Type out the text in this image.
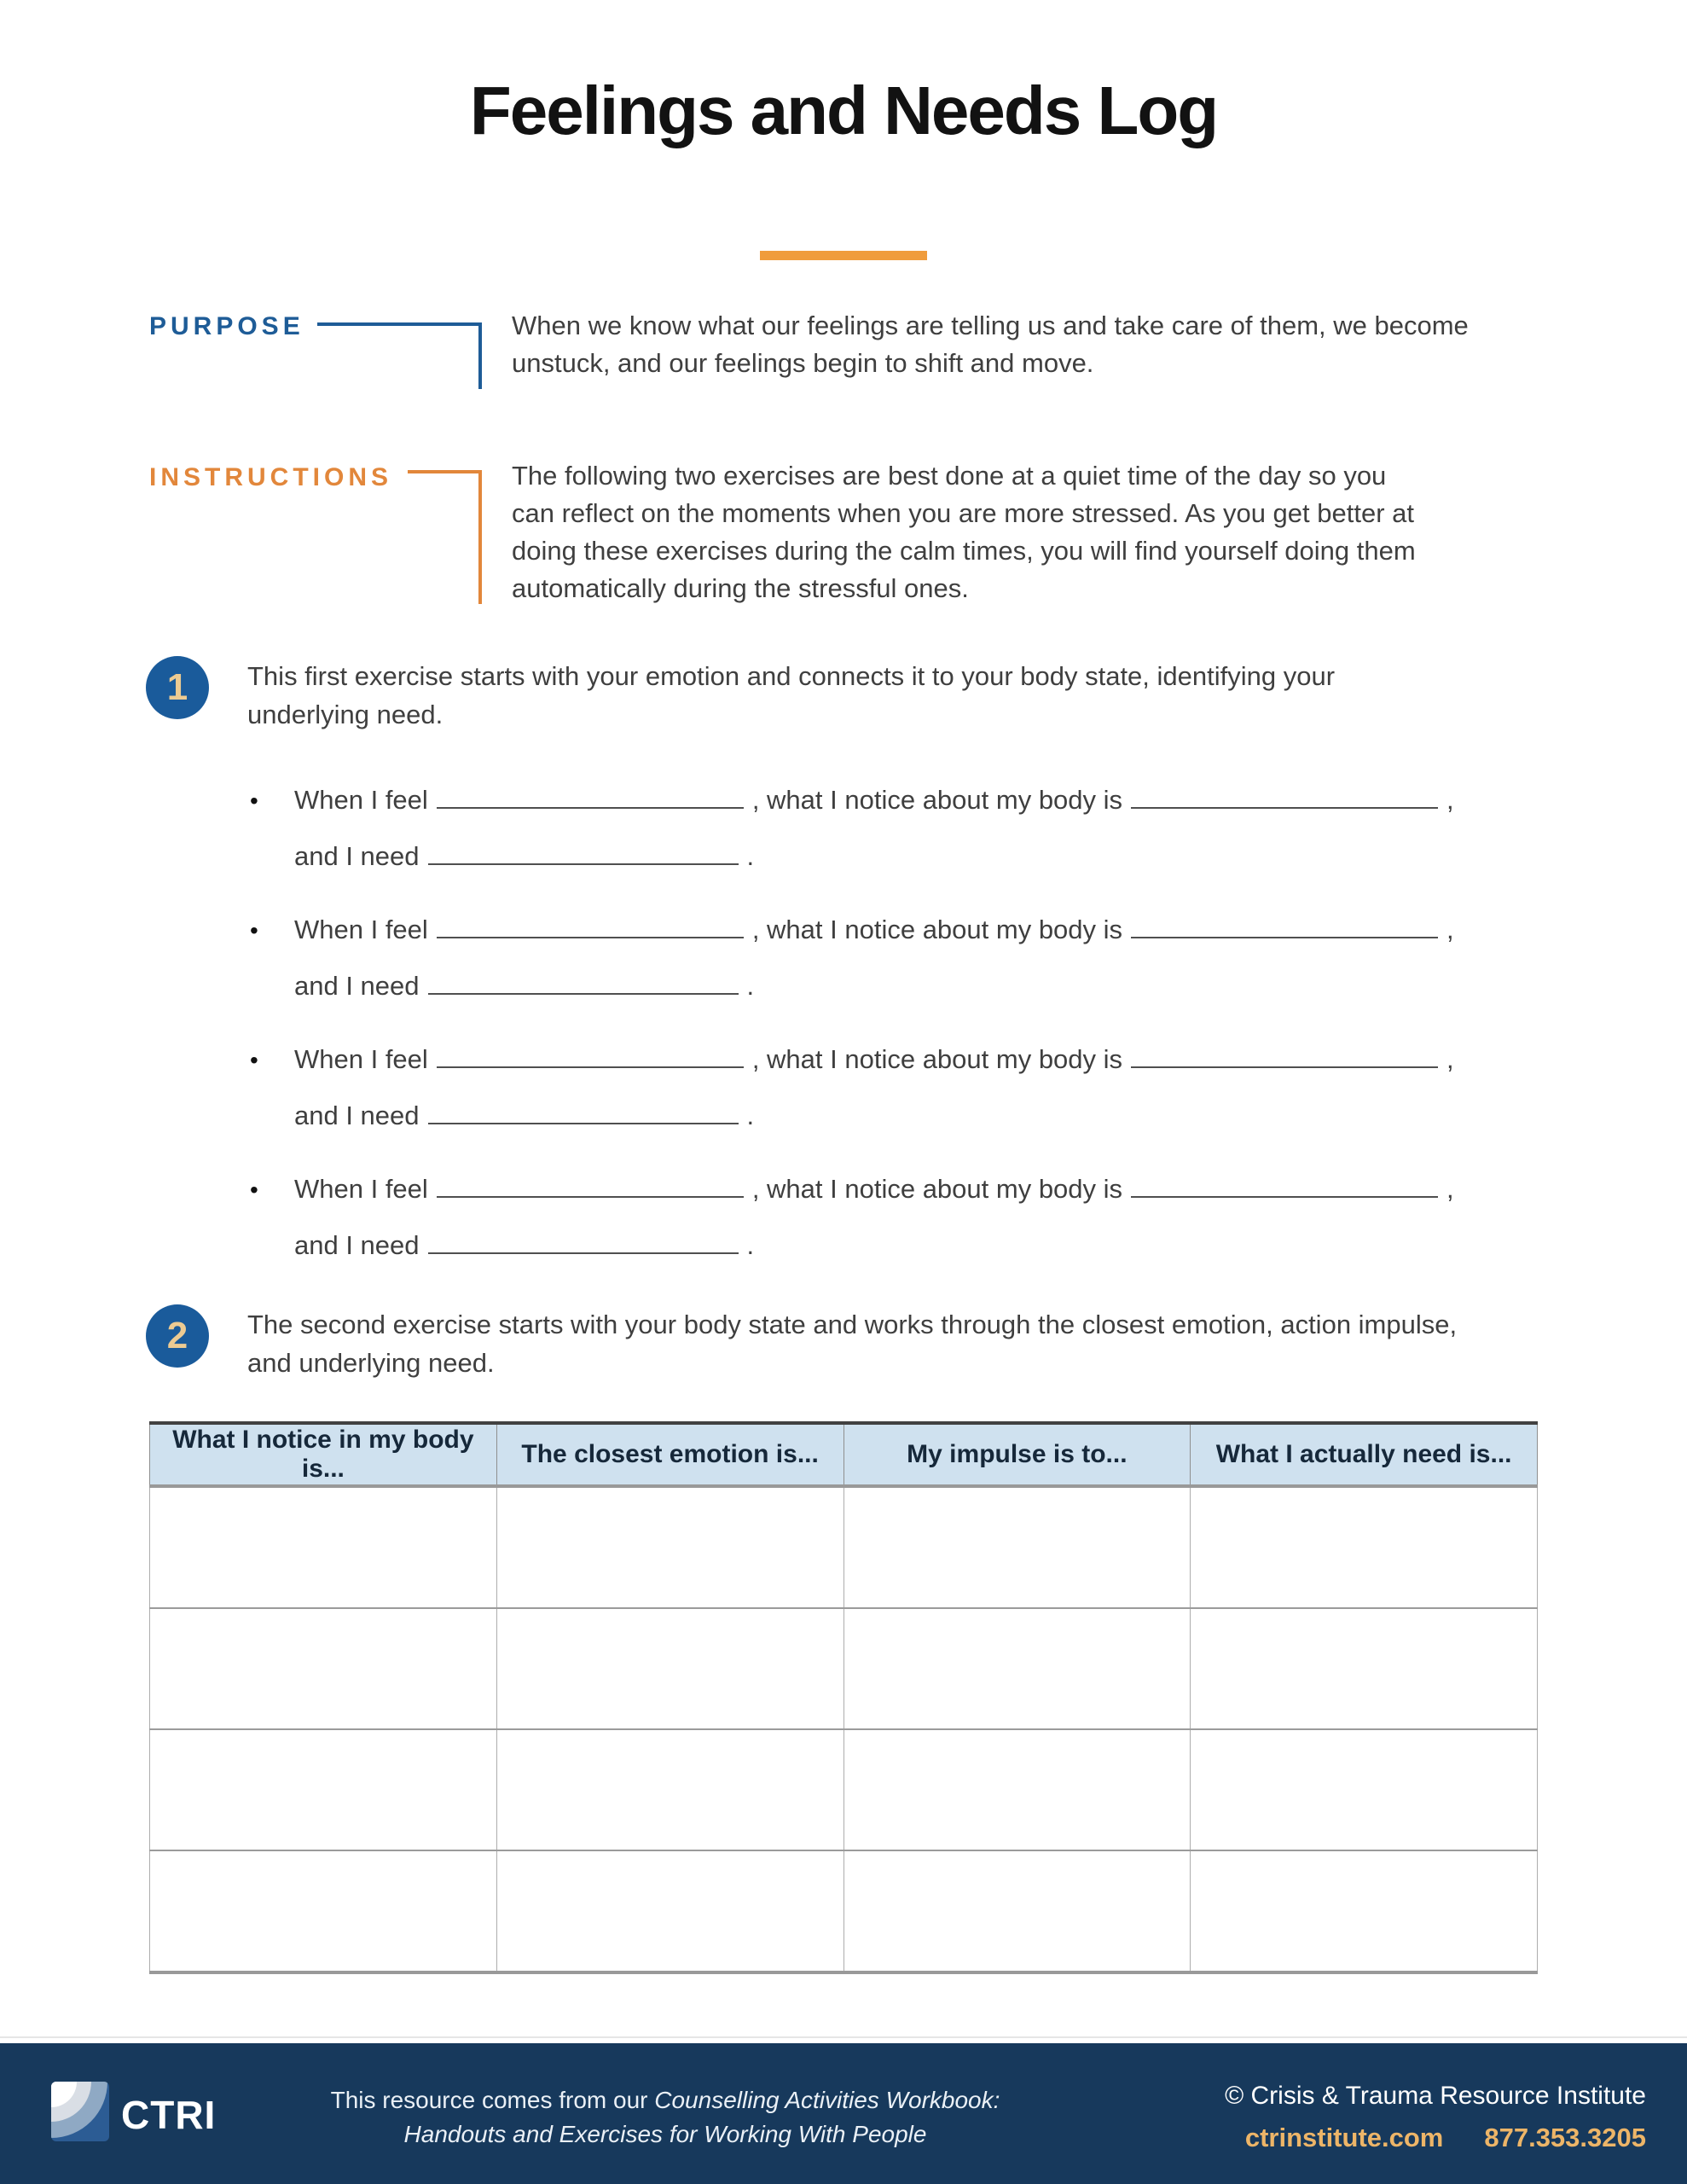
Feelings and Needs Log
PURPOSE	When we know what our feelings are telling us and take care of them, we become
unstuck, and our feelings begin to shift and move.
INSTRUCTIONS	The following two exercises are best done at a quiet time of the day so you
can reflect on the moments when you are more stressed. As you get better at
doing these exercises during the calm times, you will find yourself doing them
automatically during the stressful ones.
1	This first exercise starts with your emotion and connects it to your body state, identifying your
underlying need.
•	When I feel	, what I notice about my body is	,
and I need	.
•	When I feel	, what I notice about my body is	,
and I need	.
•	When I feel	, what I notice about my body is	,
and I need	.
•	When I feel	, what I notice about my body is	,
and I need	.
2	The second exercise starts with your body state and works through the closest emotion, action impulse,
and underlying need.
What I notice in my body is...	The closest emotion is...	My impulse is to...	What I actually need is...

CTRI	This resource comes from our Counselling Activities Workbook:
Handouts and Exercises for Working With People
© Crisis & Trauma Resource Institute
ctrinstitute.com 877.353.3205
